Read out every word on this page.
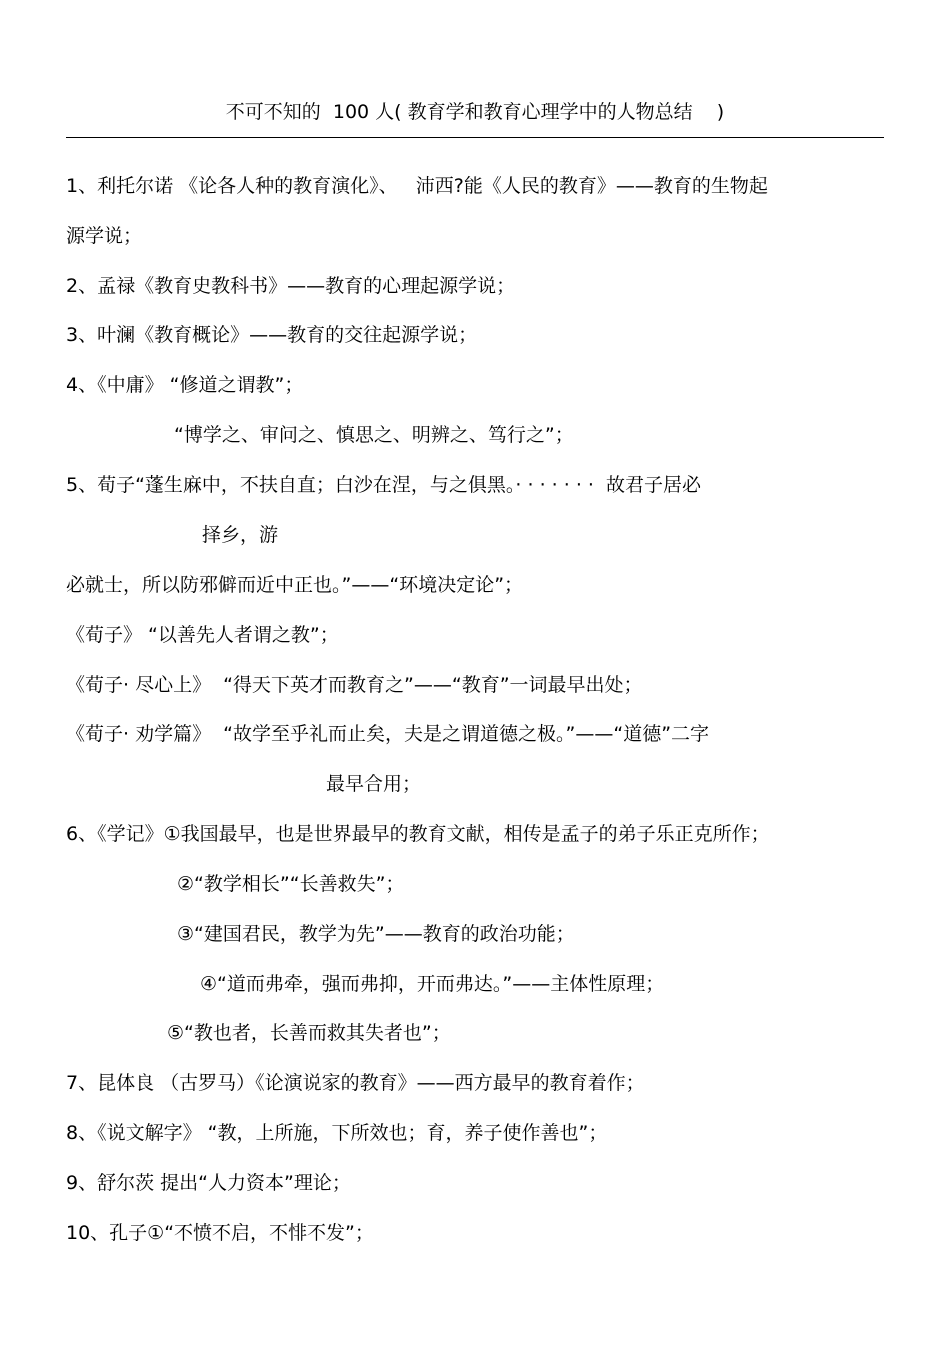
不可不知的  100 人( 教育学和教育心理学中的人物总结    )
1、利托尔诺 《论各人种的教育演化》、   沛西?能《人民的教育》——教育的生物起
源学说；
2、孟禄《教育史教科书》——教育的心理起源学说；
3、叶澜《教育概论》——教育的交往起源学说；
4、《中庸》 “修道之谓教”；
“博学之、审问之、慎思之、明辨之、笃行之”；
5、荀子“蓬生麻中，不扶自直；白沙在涅，与之俱黑。· · · · · · ·  故君子居必
择乡，游
必就士，所以防邪僻而近中正也。”——“环境决定论”；
《荀子》 “以善先人者谓之教”；
《荀子· 尽心上》  “得天下英才而教育之”——“教育”一词最早出处；
《荀子· 劝学篇》  “故学至乎礼而止矣，夫是之谓道德之极。”——“道德”二字
最早合用；
6、《学记》①我国最早，也是世界最早的教育文献，相传是孟子的弟子乐正克所作；
②“教学相长”“长善救失”；
③“建国君民，教学为先”——教育的政治功能；
④“道而弗牵，强而弗抑，开而弗达。”——主体性原理；
⑤“教也者，长善而救其失者也”；
7、昆体良 （古罗马）《论演说家的教育》——西方最早的教育着作；
8、《说文解字》 “教，上所施，下所效也；育，养子使作善也”；
9、舒尔茨 提出“人力资本”理论；
10、孔子①“不愤不启，不悱不发”；
